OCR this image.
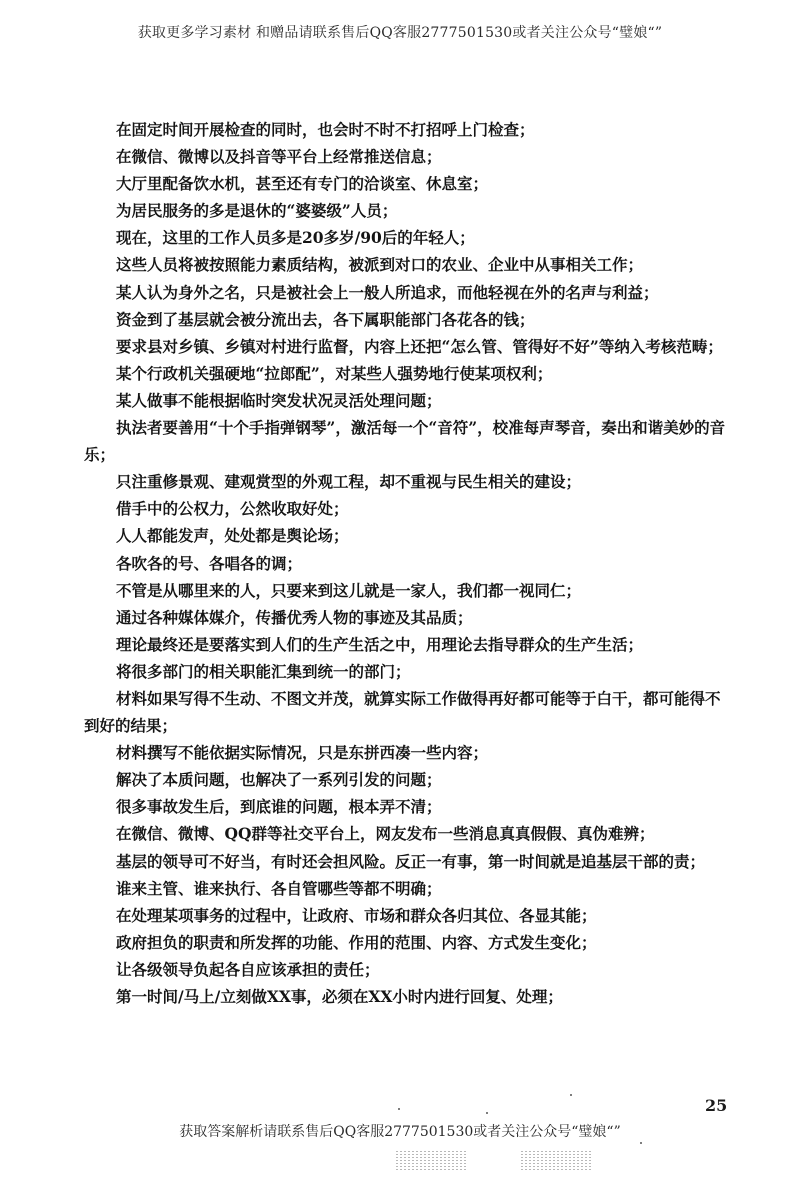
获取更多学习素材 和赠品请联系售后QQ客服2777501530或者关注公众号“璧娘“”

在固定时间开展检查的同时，也会时不时不打招呼上门检查；

在微信、微博以及抖音等平台上经常推送信息；

大厅里配备饮水机，甚至还有专门的洽谈室、休息室；

为居民服务的多是退休的“婆婆级”人员；

现在，这里的工作人员多是20多岁/90后的年轻人；

这些人员将被按照能力素质结构，被派到对口的农业、企业中从事相关工作；

某人认为身外之名，只是被社会上一般人所追求，而他轻视在外的名声与利益；

资金到了基层就会被分流出去，各下属职能部门各花各的钱；

要求县对乡镇、乡镇对村进行监督，内容上还把“怎么管、管得好不好”等纳入考核范畴；

某个行政机关强硬地“拉郎配”，对某些人强势地行使某项权利；

某人做事不能根据临时突发状况灵活处理问题；

执法者要善用“十个手指弹钢琴”，激活每一个“音符”，校准每声琴音，奏出和谐美妙的音乐；

只注重修景观、建观赏型的外观工程，却不重视与民生相关的建设；

借手中的公权力，公然收取好处；

人人都能发声，处处都是舆论场；

各吹各的号、各唱各的调；

不管是从哪里来的人，只要来到这儿就是一家人，我们都一视同仁；

通过各种媒体媒介，传播优秀人物的事迹及其品质；

理论最终还是要落实到人们的生产生活之中，用理论去指导群众的生产生活；

将很多部门的相关职能汇集到统一的部门；

材料如果写得不生动、不图文并茂，就算实际工作做得再好都可能等于白干，都可能得不到好的结果；

材料撰写不能依据实际情况，只是东拼西凑一些内容；

解决了本质问题，也解决了一系列引发的问题；

很多事故发生后，到底谁的问题，根本弄不清；

在微信、微博、QQ群等社交平台上，网友发布一些消息真真假假、真伪难辨；

基层的领导可不好当，有时还会担风险。反正一有事，第一时间就是追基层干部的责；

谁来主管、谁来执行、各自管哪些等都不明确；

在处理某项事务的过程中，让政府、市场和群众各归其位、各显其能；

政府担负的职责和所发挥的功能、作用的范围、内容、方式发生变化；

让各级领导负起各自应该承担的责任；

第一时间/马上/立刻做XX事，必须在XX小时内进行回复、处理；

25
获取答案解析请联系售后QQ客服2777501530或者关注公众号“璧娘“”
